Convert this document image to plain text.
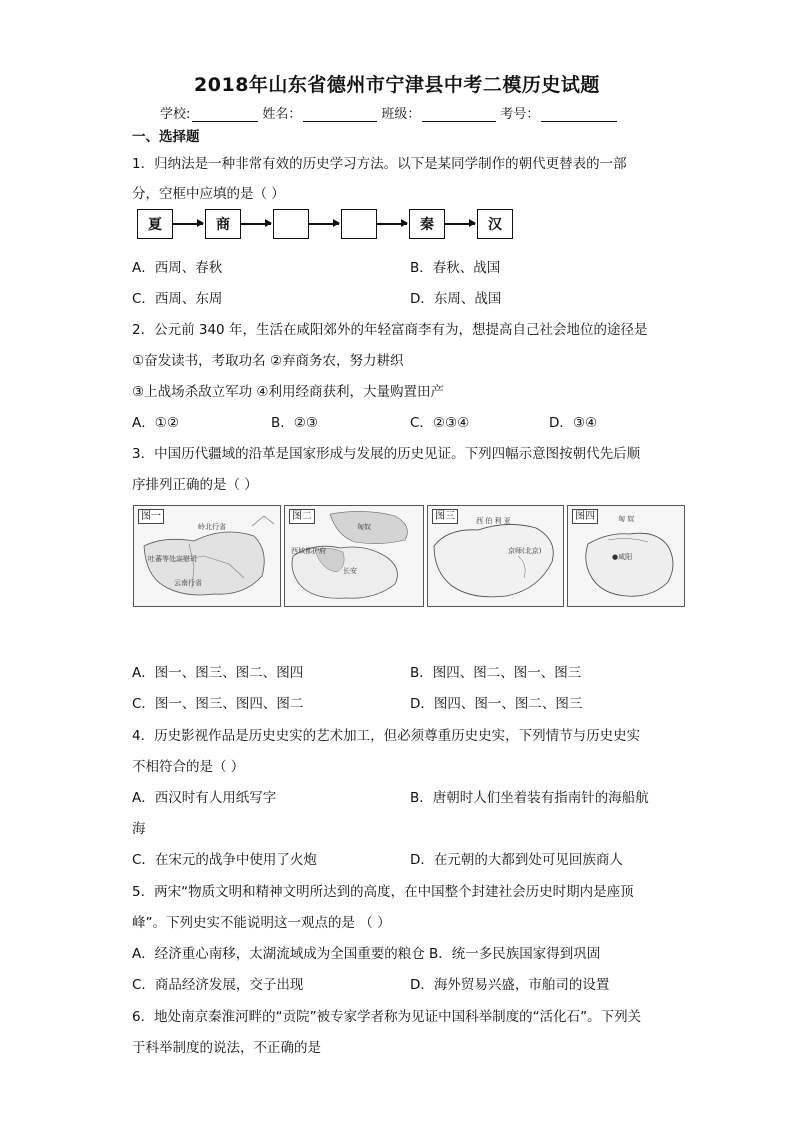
2018年山东省德州市宁津县中考二模历史试题
学校:	姓名：	班级：	考号：
一、选择题
1．归纳法是一种非常有效的历史学习方法。以下是某同学制作的朝代更替表的一部
分，空框中应填的是（ ）
夏	商	秦	汉
A．西周、春秋	B．春秋、战国
C．西周、东周	D．东周、战国
2．公元前 340 年，生活在咸阳郊外的年轻富商李有为，想提高自己社会地位的途径是
①奋发读书，考取功名 ②弃商务农，努力耕织
③上战场杀敌立军功 ④利用经商获利，大量购置田产
A．①②	B．②③	C．②③④	D．③④
3．中国历代疆域的沿革是国家形成与发展的历史见证。下列四幅示意图按朝代先后顺
序排列正确的是（ ）
图一
岭北行省
吐蕃等处宣慰司
云南行省
图二
匈奴
西域都护府
长安
图三	西 伯 利 亚
京师(北京)
图四	匈 奴
●咸阳
A．图一、图三、图二、图四	B．图四、图二、图一、图三
C．图一、图三、图四、图二	D．图四、图一、图二、图三
4．历史影视作品是历史史实的艺术加工，但必须尊重历史史实，下列情节与历史史实
不相符合的是（ ）
A．西汉时有人用纸写字	B．唐朝时人们坐着装有指南针的海船航
海
C．在宋元的战争中使用了火炮	D．在元朝的大都到处可见回族商人
5．两宋“物质文明和精神文明所达到的高度，在中国整个封建社会历史时期内是座顶
峰”。下列史实不能说明这一观点的是 （ ）
A．经济重心南移，太湖流域成为全国重要的粮仓 B．统一多民族国家得到巩固
C．商品经济发展，交子出现	D．海外贸易兴盛，市舶司的设置
6．地处南京秦淮河畔的“贡院”被专家学者称为见证中国科举制度的“活化石”。下列关
于科举制度的说法，不正确的是
